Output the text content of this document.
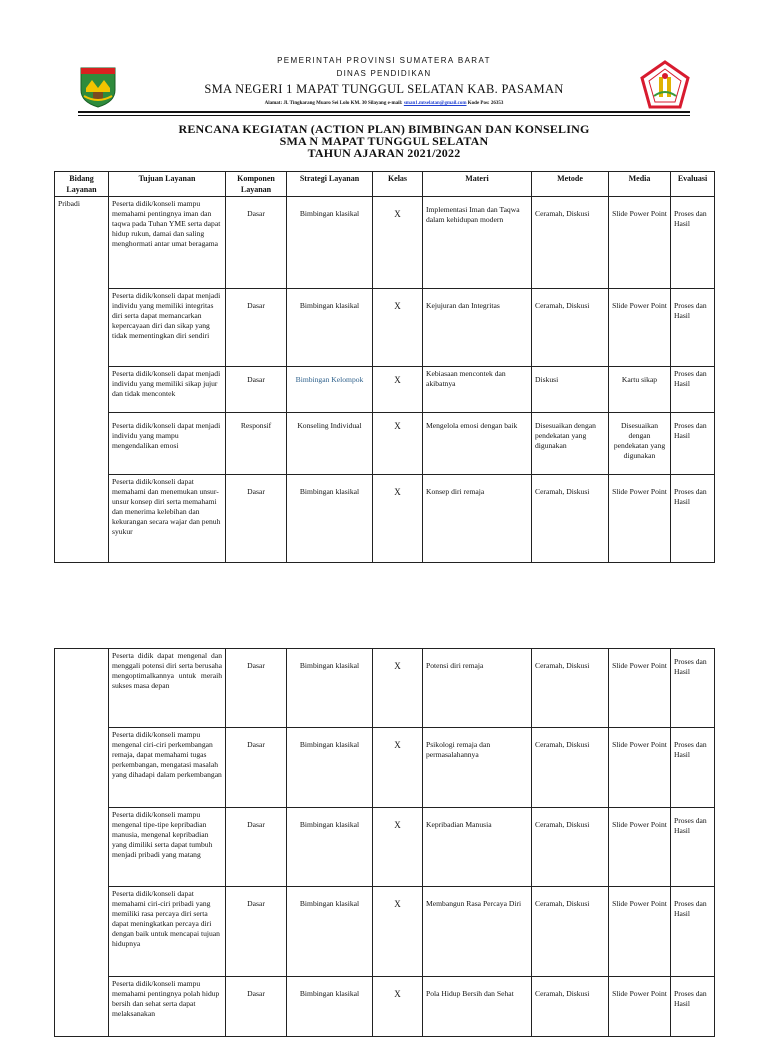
PEMERINTAH PROVINSI SUMATERA BARAT
DINAS PENDIDIKAN
SMA NEGERI 1 MAPAT TUNGGUL SELATAN KAB. PASAMAN
Alamat: Jl. Tingkarang Muaro Sei Lolo KM. 30 Silayang e-mail: sman1.mtselatan@gmail.com Kode Pos: 26353
RENCANA KEGIATAN (ACTION PLAN) BIMBINGAN DAN KONSELING
SMA N MAPAT TUNGGUL SELATAN
TAHUN AJARAN 2021/2022
Bidang Layanan	Tujuan Layanan	Komponen Layanan	Strategi Layanan	Kelas	Materi	Metode	Media	Evaluasi
Pribadi	Peserta didik/konseli mampu memahami pentingnya iman dan taqwa pada Tuhan YME serta dapat hidup rukun, damai dan saling menghormati antar umat beragama	Dasar	Bimbingan klasikal	X	Implementasi Iman dan Taqwa dalam kehidupan modern	Ceramah, Diskusi	Slide Power Point	Proses dan Hasil
	Peserta didik/konseli dapat menjadi individu yang memiliki integritas diri serta dapat memancarkan kepercayaan diri dan sikap yang tidak mementingkan diri sendiri	Dasar	Bimbingan klasikal	X	Kejujuran dan Integritas	Ceramah, Diskusi	Slide Power Point	Proses dan Hasil
	Peserta didik/konseli dapat menjadi individu yang memiliki sikap jujur dan tidak mencontek	Dasar	Bimbingan Kelompok	X	Kebiasaan mencontek dan akibatnya	Diskusi	Kartu sikap	Proses dan Hasil
	Peserta didik/konseli dapat menjadi individu yang mampu mengendalikan emosi	Responsif	Konseling Individual	X	Mengelola emosi dengan baik	Disesuaikan dengan pendekatan yang digunakan	Disesuaikan dengan pendekatan yang digunakan	Proses dan Hasil
	Peserta didik/konseli dapat memahami dan menemukan unsur-unsur konsep diri serta memahami dan menerima kelebihan dan kekurangan secara wajar dan penuh syukur	Dasar	Bimbingan klasikal	X	Konsep diri remaja	Ceramah, Diskusi	Slide Power Point	Proses dan Hasil
	Peserta didik dapat mengenal dan menggali potensi diri serta berusaha mengoptimalkannya untuk meraih sukses masa depan	Dasar	Bimbingan klasikal	X	Potensi diri remaja	Ceramah, Diskusi	Slide Power Point	Proses dan Hasil
	Peserta didik/konseli mampu mengenal ciri-ciri perkembangan remaja, dapat memahami tugas perkembangan, mengatasi masalah yang dihadapi dalam perkembangan	Dasar	Bimbingan klasikal	X	Psikologi remaja dan permasalahannya	Ceramah, Diskusi	Slide Power Point	Proses dan Hasil
	Peserta didik/konseli mampu mengenal tipe-tipe kepribadian manusia, mengenal kepribadian yang dimiliki serta dapat tumbuh menjadi pribadi yang matang	Dasar	Bimbingan klasikal	X	Kepribadian Manusia	Ceramah, Diskusi	Slide Power Point	Proses dan Hasil
	Peserta didik/konseli dapat memahami ciri-ciri pribadi yang memiliki rasa percaya diri serta dapat meningkatkan percaya diri dengan baik untuk mencapai tujuan hidupnya	Dasar	Bimbingan klasikal	X	Membangun Rasa Percaya Diri	Ceramah, Diskusi	Slide Power Point	Proses dan Hasil
	Peserta didik/konseli mampu memahami pentingnya polah hidup bersih dan sehat serta dapat melaksanakan	Dasar	Bimbingan klasikal	X	Pola Hidup Bersih dan Sehat	Ceramah, Diskusi	Slide Power Point	Proses dan Hasil
